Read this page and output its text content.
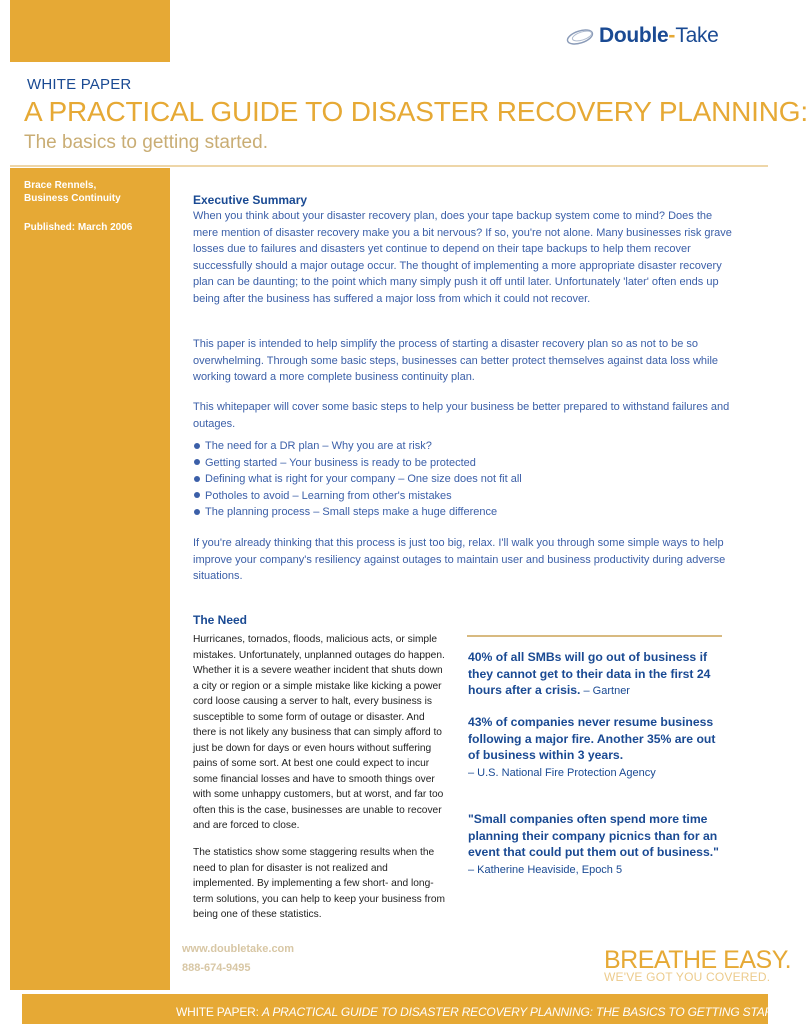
Double - Take
WHITE PAPER
A PRACTICAL GUIDE TO DISASTER RECOVERY PLANNING:
The basics to getting started.
Brace Rennels,
Business Continuity
Published: March 2006
Executive Summary
When you think about your disaster recovery plan, does your tape backup system come to mind? Does the mere mention of disaster recovery make you a bit nervous? If so, you're not alone. Many businesses risk grave losses due to failures and disasters yet continue to depend on their tape backups to help them recover successfully should a major outage occur. The thought of implementing a more appropriate disaster recovery plan can be daunting; to the point which many simply push it off until later. Unfortunately 'later' often ends up being after the business has suffered a major loss from which it could not recover.
This paper is intended to help simplify the process of starting a disaster recovery plan so as not to be so overwhelming. Through some basic steps, businesses can better protect themselves against data loss while working toward a more complete business continuity plan.
This whitepaper will cover some basic steps to help your business be better prepared to withstand failures and outages.
The need for a DR plan – Why you are at risk?
Getting started – Your business is ready to be protected
Defining what is right for your company – One size does not fit all
Potholes to avoid – Learning from other's mistakes
The planning process – Small steps make a huge difference
If you're already thinking that this process is just too big, relax. I'll walk you through some simple ways to help improve your company's resiliency against outages to maintain user and business productivity during adverse situations.
The Need
Hurricanes, tornados, floods, malicious acts, or simple mistakes. Unfortunately, unplanned outages do happen. Whether it is a severe weather incident that shuts down a city or region or a simple mistake like kicking a power cord loose causing a server to halt, every business is susceptible to some form of outage or disaster. And there is not likely any business that can simply afford to just be down for days or even hours without suffering pains of some sort. At best one could expect to incur some financial losses and have to smooth things over with some unhappy customers, but at worst, and far too often this is the case, businesses are unable to recover and are forced to close.
The statistics show some staggering results when the need to plan for disaster is not realized and implemented. By implementing a few short- and long-term solutions, you can help to keep your business from being one of these statistics.
40% of all SMBs will go out of business if they cannot get to their data in the first 24 hours after a crisis. – Gartner
43% of companies never resume business following a major fire. Another 35% are out of business within 3 years.
– U.S. National Fire Protection Agency
"Small companies often spend more time planning their company picnics than for an event that could put them out of business."
– Katherine Heaviside, Epoch 5
www.doubletake.com
888-674-9495	BREATHE EASY.
WE'VE GOT YOU COVERED.
WHITE PAPER: A PRACTICAL GUIDE TO DISASTER RECOVERY PLANNING: THE BASICS TO GETTING STARTED.
